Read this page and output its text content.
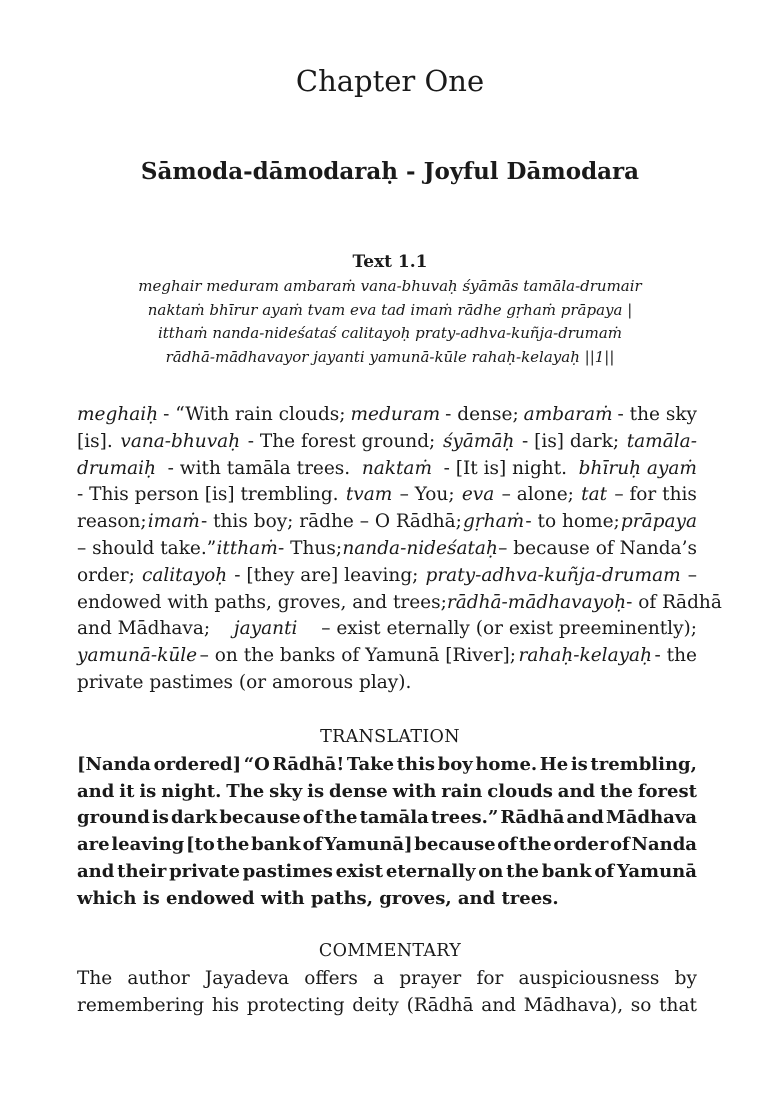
Chapter One
Sāmoda-dāmodaraḥ - Joyful Dāmodara
Text 1.1
meghair meduram ambaraṁ vana-bhuvaḥ śyāmās tamāla-drumair
naktaṁ bhīrur ayaṁ tvam eva tad imaṁ rādhe gṛhaṁ prāpaya |
itthaṁ nanda-nideśataś calitayoḥ praty-adhva-kuñja-drumaṁ
rādhā-mādhavayor jayanti yamunā-kūle rahaḥ-kelayaḥ ||1||
meghaiḥ - “With rain clouds; meduram - dense; ambaraṁ - the sky
[is]. vana-bhuvaḥ - The forest ground; śyāmāḥ - [is] dark; tamāla-
drumaiḥ - with tamāla trees. naktaṁ - [It is] night. bhīruḥ ayaṁ
- This person [is] trembling. tvam – You; eva – alone; tat – for this
reason; imaṁ - this boy; rādhe – O Rādhā; gṛhaṁ - to home; prāpaya
– should take.” itthaṁ - Thus; nanda-nideśataḥ – because of Nanda’s
order; calitayoḥ - [they are] leaving; praty-adhva-kuñja-drumam –
endowed with paths, groves, and trees; rādhā-mādhavayoḥ - of Rādhā
and Mādhava; jayanti – exist eternally (or exist preeminently);
yamunā-kūle – on the banks of Yamunā [River]; rahaḥ-kelayaḥ - the
private pastimes (or amorous play).
TRANSLATION
[Nanda ordered] “O Rādhā! Take this boy home. He is trembling,
and it is night. The sky is dense with rain clouds and the forest
ground is dark because of the tamāla trees.” Rādhā and Mādhava
are leaving [to the bank of Yamunā] because of the order of Nanda
and their private pastimes exist eternally on the bank of Yamunā
which is endowed with paths, groves, and trees.
COMMENTARY
The author Jayadeva offers a prayer for auspiciousness by
remembering his protecting deity (Rādhā and Mādhava), so that
